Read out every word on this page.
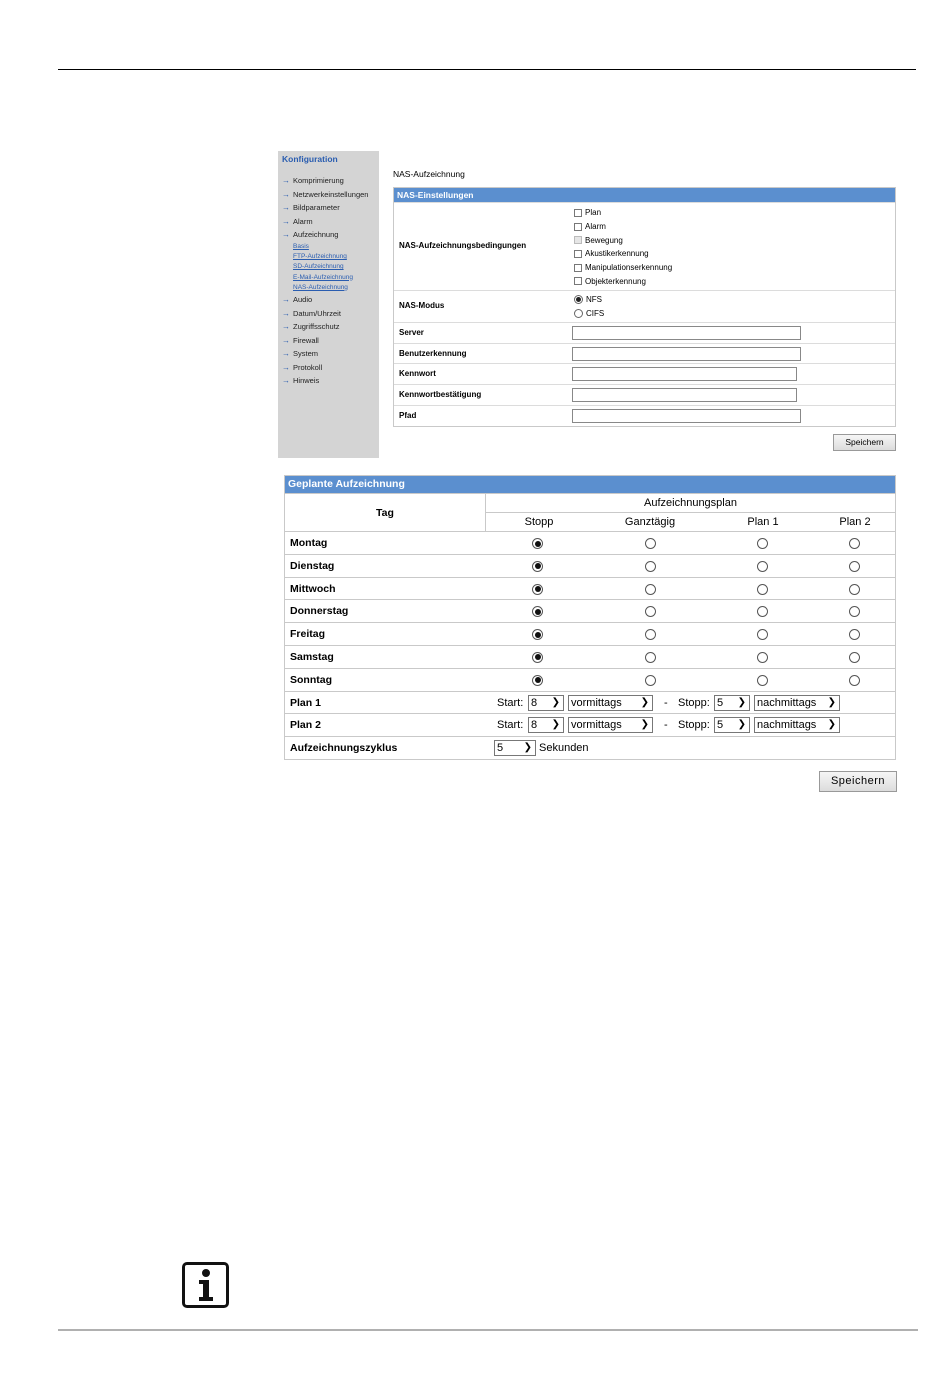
Konfiguration
→ Komprimierung
→ Netzwerkeinstellungen
→ Bildparameter
→ Alarm
→ Aufzeichnung
Basis
FTP-Aufzeichnung
SD-Aufzeichnung
E-Mail-Aufzeichnung
NAS-Aufzeichnung
→ Audio
→ Datum/Uhrzeit
→ Zugriffsschutz
→ Firewall
→ System
→ Protokoll
→ Hinweis
NAS-Aufzeichnung
NAS-Einstellungen
NAS-Aufzeichnungsbedingungen
Plan
Alarm
Bewegung
Akustikerkennung
Manipulationserkennung
Objekterkennung
NAS-Modus
NFS
CIFS
Server
Benutzerkennung
Kennwort
Kennwortbestätigung
Pfad
Speichern
Geplante Aufzeichnung
Tag
Aufzeichnungsplan
Stopp	Ganztägig	Plan 1	Plan 2
Montag
Dienstag
Mittwoch
Donnerstag
Freitag
Samstag
Sonntag
Plan 1	Start: 8 ❯ vormittags ❯ - Stopp: 5 ❯ nachmittags ❯
Plan 2	Start: 8 ❯ vormittags ❯ - Stopp: 5 ❯ nachmittags ❯
Aufzeichnungszyklus	5 ❯ Sekunden
Speichern
